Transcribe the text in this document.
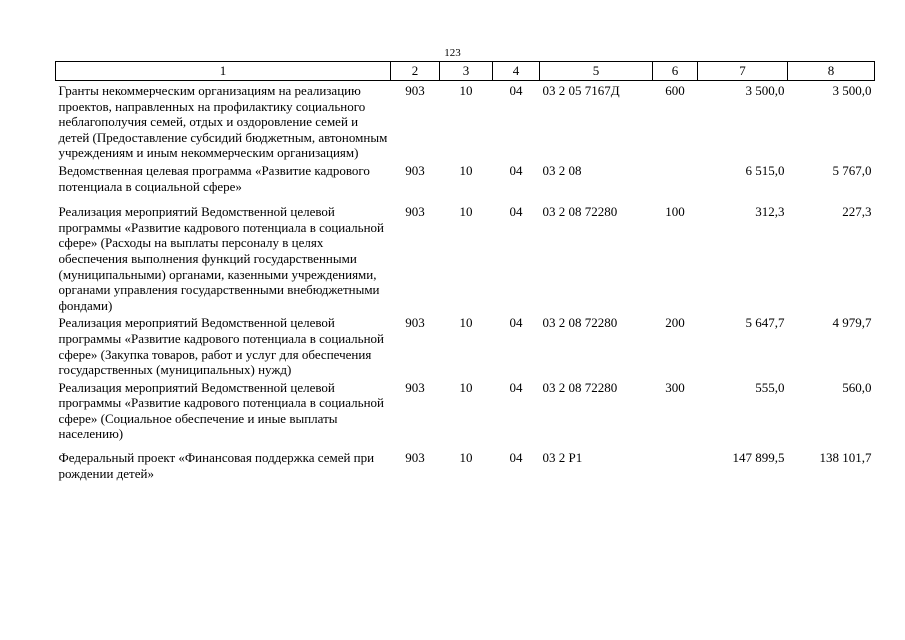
123
1	2	3	4	5	6	7	8
Гранты некоммерческим организациям на реализацию проектов, направленных на профилактику социального неблагополучия семей, отдых и оздоровление семей и детей (Предоставление субсидий бюджетным, автономным учреждениям и иным некоммерческим организациям)	903	10	04	03 2 05 7167Д	600	3 500,0	3 500,0
Ведомственная целевая программа «Развитие кадрового потенциала в социальной сфере»	903	10	04	03 2 08		6 515,0	5 767,0
Реализация мероприятий Ведомственной целевой программы «Развитие кадрового потенциала в социальной сфере» (Расходы на выплаты персоналу в целях обеспечения выполнения функций государственными (муниципальными) органами, казенными учреждениями, органами управления государственными внебюджетными фондами)	903	10	04	03 2 08 72280	100	312,3	227,3
Реализация мероприятий Ведомственной целевой программы «Развитие кадрового потенциала в социальной сфере» (Закупка товаров, работ и услуг для обеспечения государственных (муниципальных) нужд)	903	10	04	03 2 08 72280	200	5 647,7	4 979,7
Реализация мероприятий Ведомственной целевой программы «Развитие кадрового потенциала в социальной сфере» (Социальное обеспечение и иные выплаты населению)	903	10	04	03 2 08 72280	300	555,0	560,0
Федеральный проект «Финансовая поддержка семей при рождении детей»	903	10	04	03 2 P1		147 899,5	138 101,7
